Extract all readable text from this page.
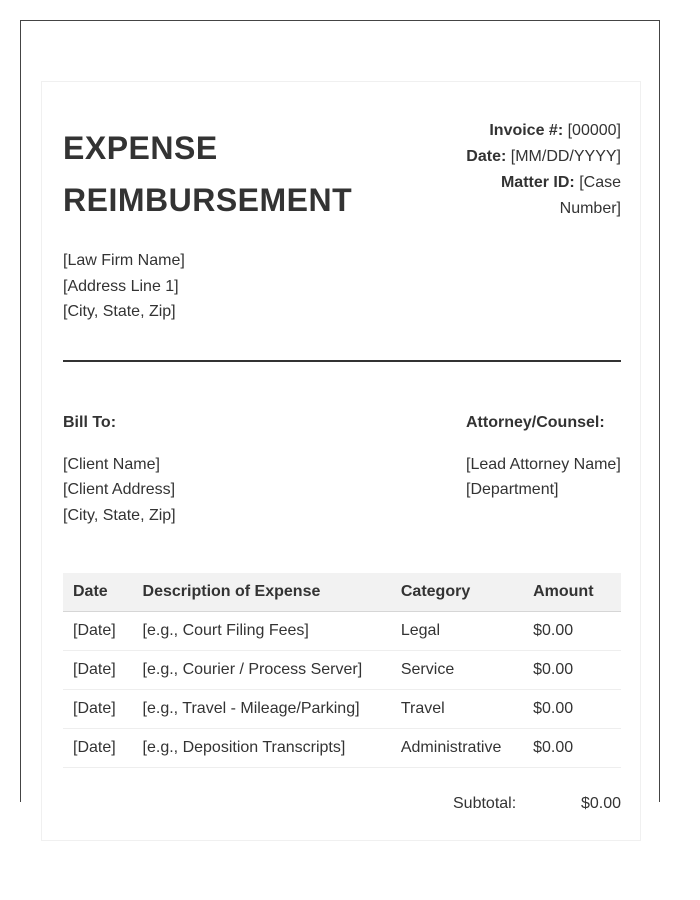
EXPENSE REIMBURSEMENT
Invoice #: [00000]
Date: [MM/DD/YYYY]
Matter ID: [Case Number]
[Law Firm Name]
[Address Line 1]
[City, State, Zip]
Bill To:
[Client Name]
[Client Address]
[City, State, Zip]
Attorney/Counsel:
[Lead Attorney Name]
[Department]
Date	Description of Expense	Category	Amount
[Date]	[e.g., Court Filing Fees]	Legal	$0.00
[Date]	[e.g., Courier / Process Server]	Service	$0.00
[Date]	[e.g., Travel - Mileage/Parking]	Travel	$0.00
[Date]	[e.g., Deposition Transcripts]	Administrative	$0.00
Subtotal:	$0.00
